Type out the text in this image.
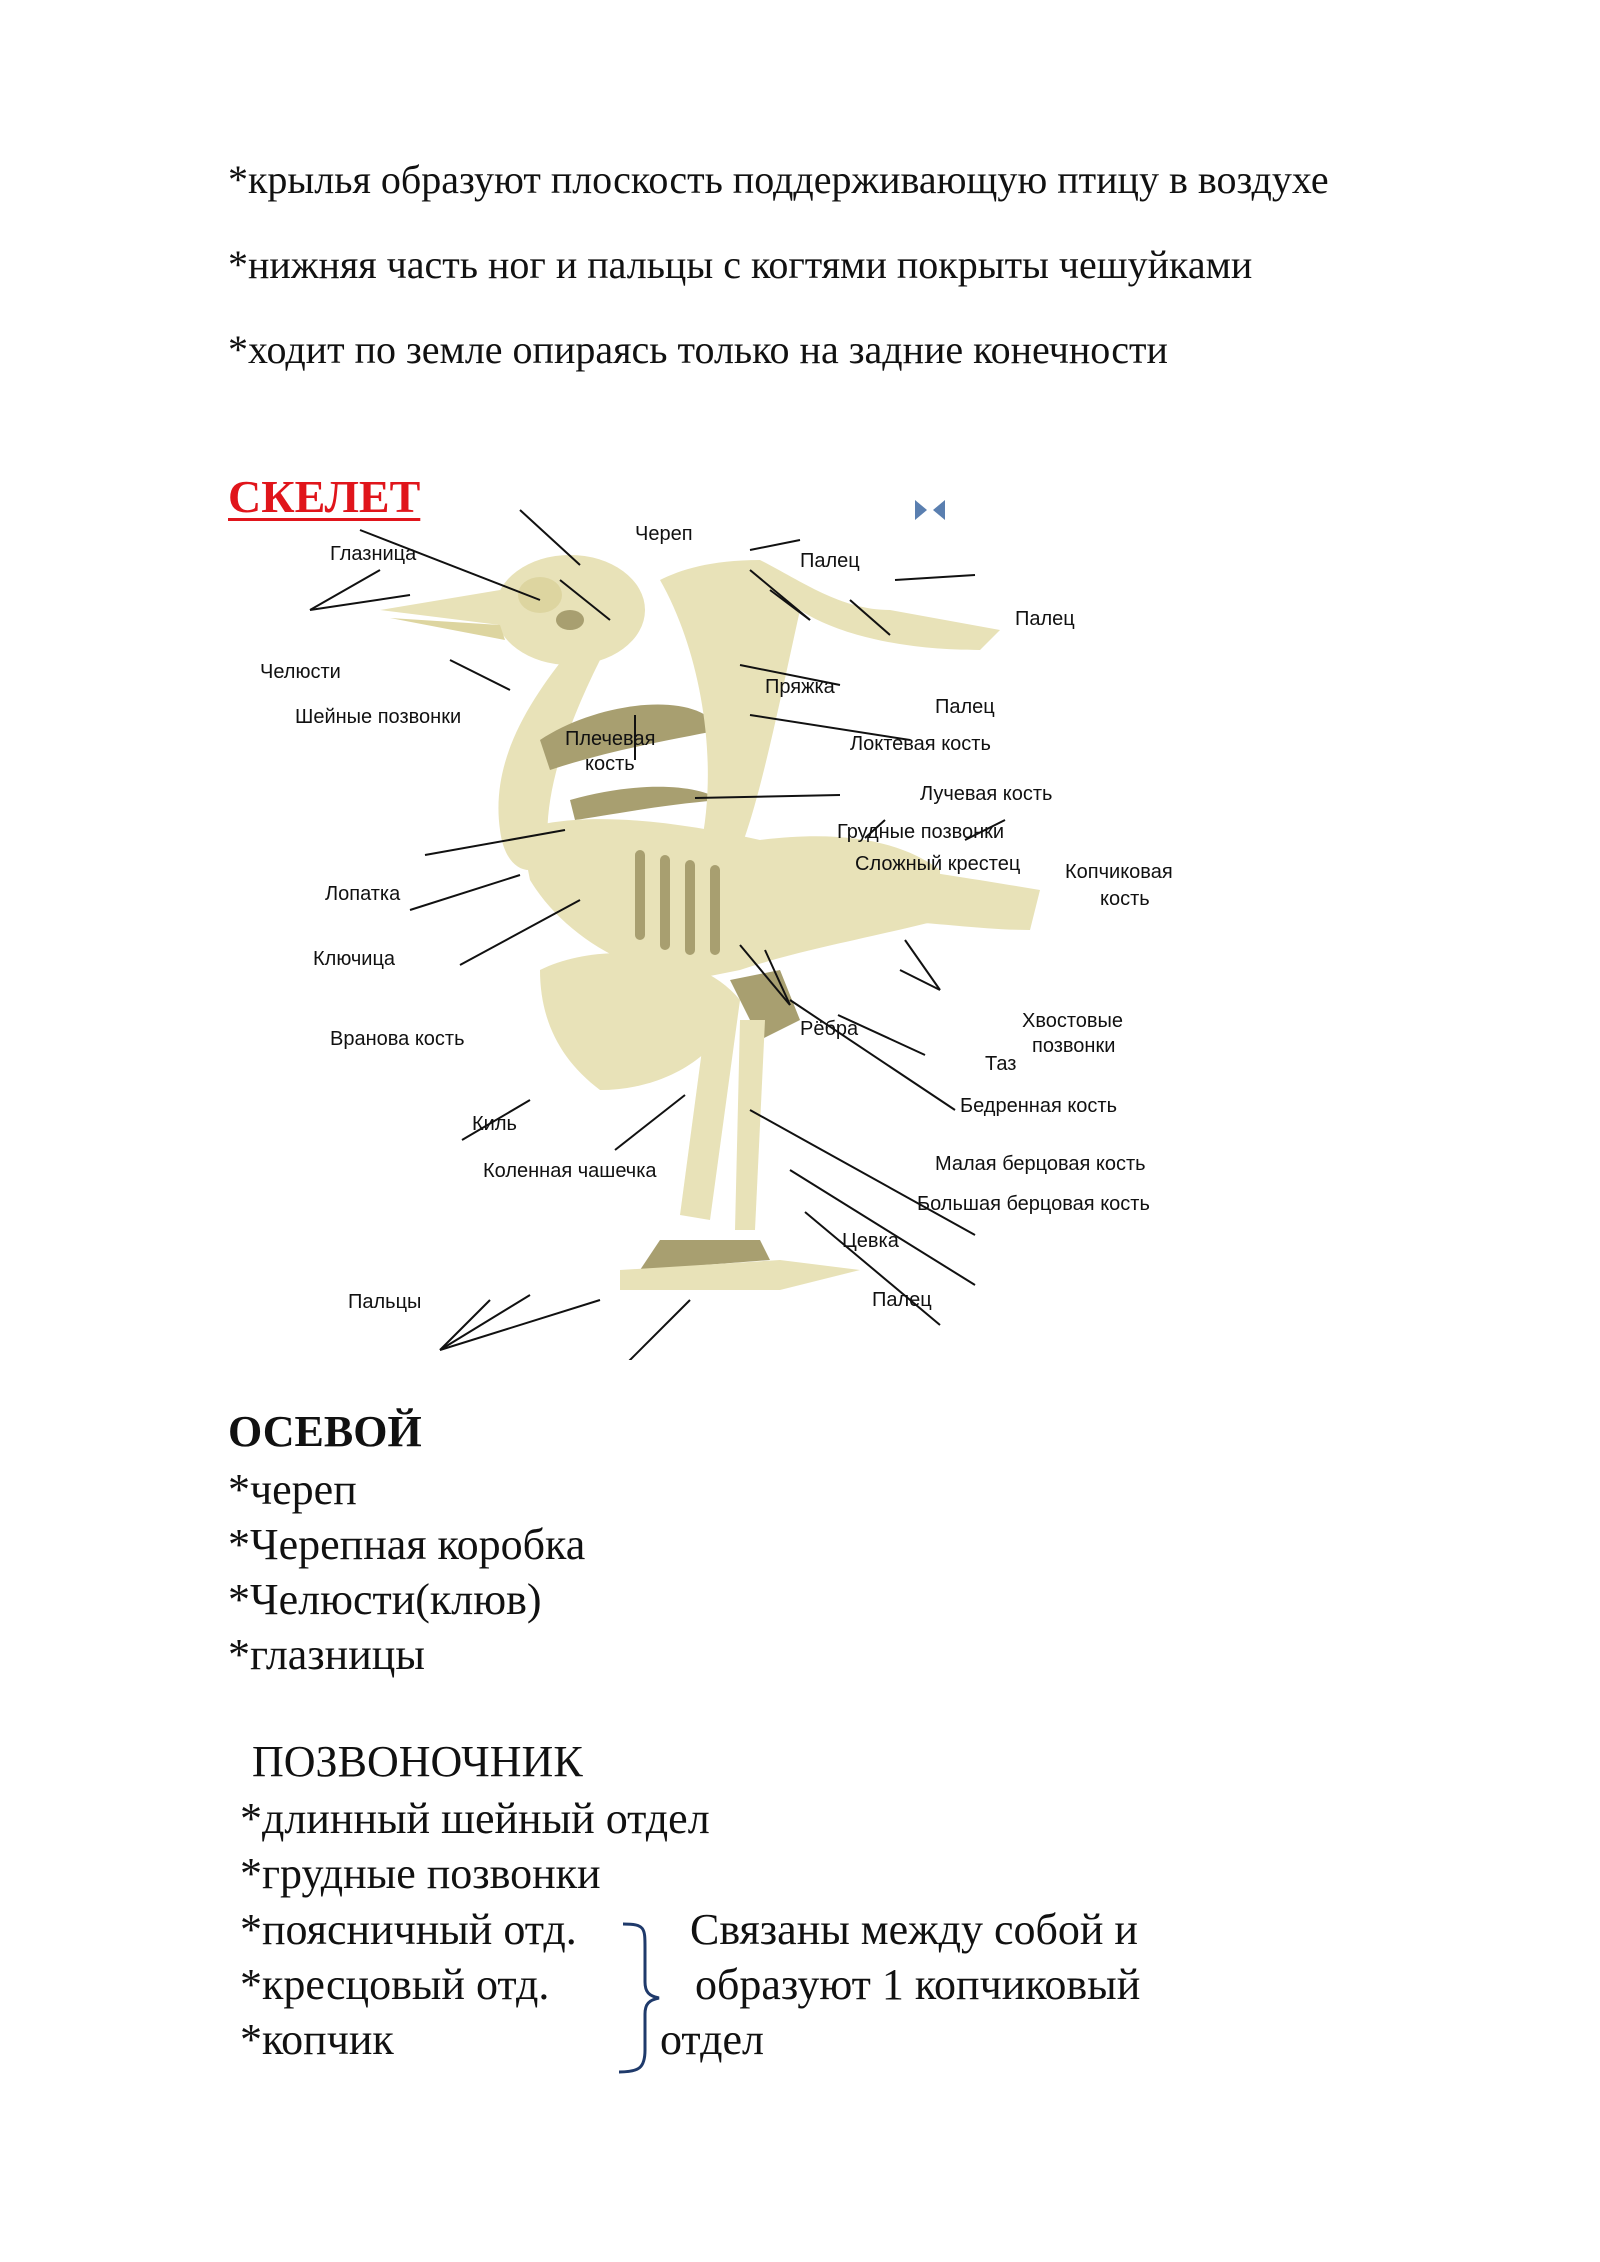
*крылья образуют плоскость поддерживающую птицу в воздухе
*нижняя часть ног и пальцы с когтями покрыты чешуйками
*ходит по земле опираясь только на задние конечности
СКЕЛЕТ
Глазница
Череп
Палец
Палец
Челюсти
Пряжка
Палец
Шейные позвонки
Плечевая
кость
Локтевая кость
Лучевая кость
Грудные позвонки
Сложный крестец Копчиковая
кость
Лопатка
Ключица
Рёбра
Вранова кость
Хвостовые
позвонки
Таз
Бедренная кость
Киль
Малая берцовая кость
Коленная чашечка
Большая берцовая кость
Цевка
Пальцы	Палец
ОСЕВОЙ
*череп
*Черепная коробка
*Челюсти(клюв)
*глазницы
ПОЗВОНОЧНИК
*длинный шейный отдел
*грудные позвонки
*поясничный отд.
*кресцовый отд.
*копчик
Связаны между собой и
образуют 1 копчиковый
отдел
